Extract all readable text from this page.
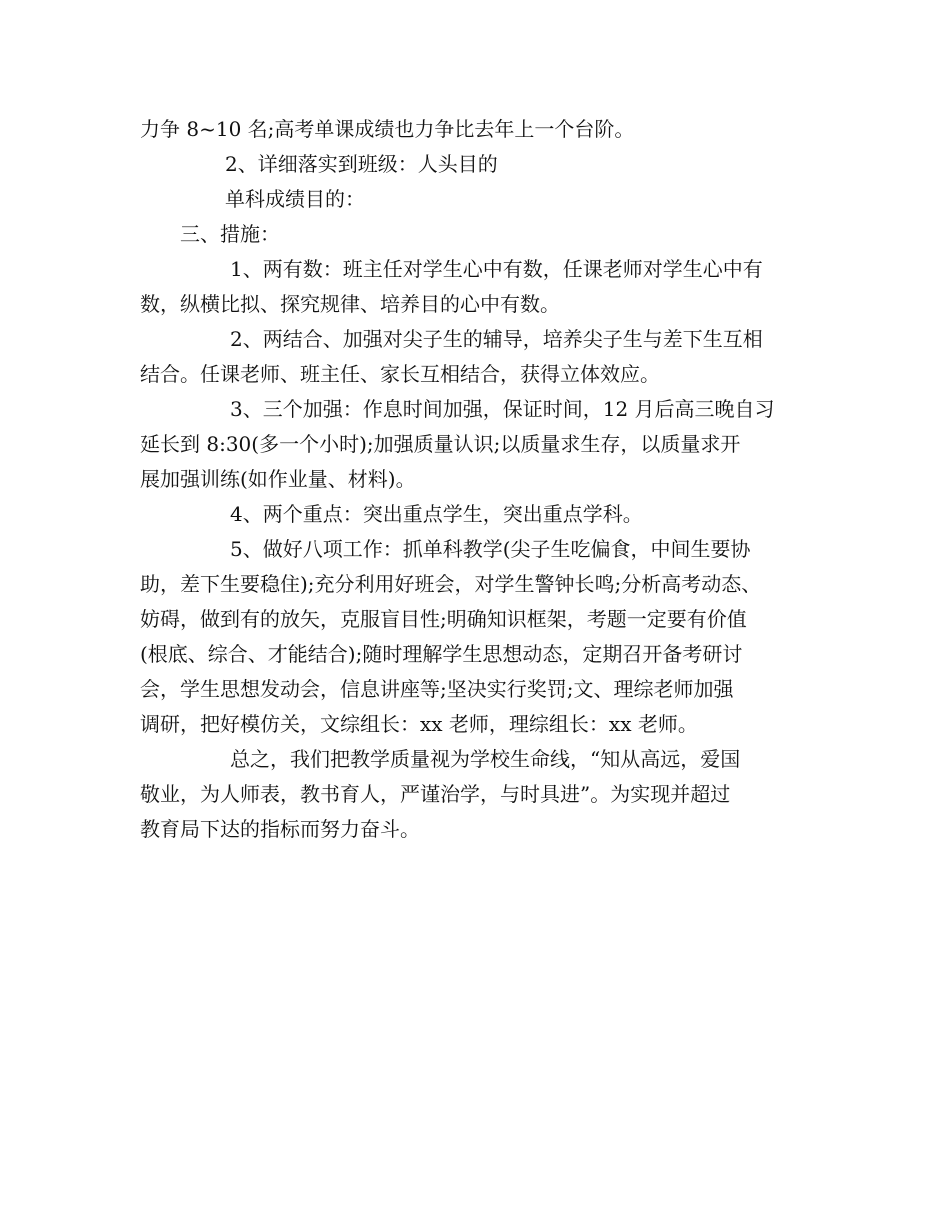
力争 8~10 名;高考单课成绩也力争比去年上一个台阶。
2、详细落实到班级：人头目的
单科成绩目的：
三、措施：
1、两有数：班主任对学生心中有数，任课老师对学生心中有
数，纵横比拟、探究规律、培养目的心中有数。
2、两结合、加强对尖子生的辅导，培养尖子生与差下生互相
结合。任课老师、班主任、家长互相结合，获得立体效应。
3、三个加强：作息时间加强，保证时间，12 月后高三晚自习
延长到 8:30(多一个小时);加强质量认识;以质量求生存，以质量求开
展加强训练(如作业量、材料)。
4、两个重点：突出重点学生，突出重点学科。
5、做好八项工作：抓单科教学(尖子生吃偏食，中间生要协
助，差下生要稳住);充分利用好班会，对学生警钟长鸣;分析高考动态、
妨碍，做到有的放矢，克服盲目性;明确知识框架，考题一定要有价值
(根底、综合、才能结合);随时理解学生思想动态，定期召开备考研讨
会，学生思想发动会，信息讲座等;坚决实行奖罚;文、理综老师加强
调研，把好模仿关，文综组长：xx 老师，理综组长：xx 老师。
总之，我们把教学质量视为学校生命线，“知从高远，爱国
敬业，为人师表，教书育人，严谨治学，与时具进”。为实现并超过
教育局下达的指标而努力奋斗。
